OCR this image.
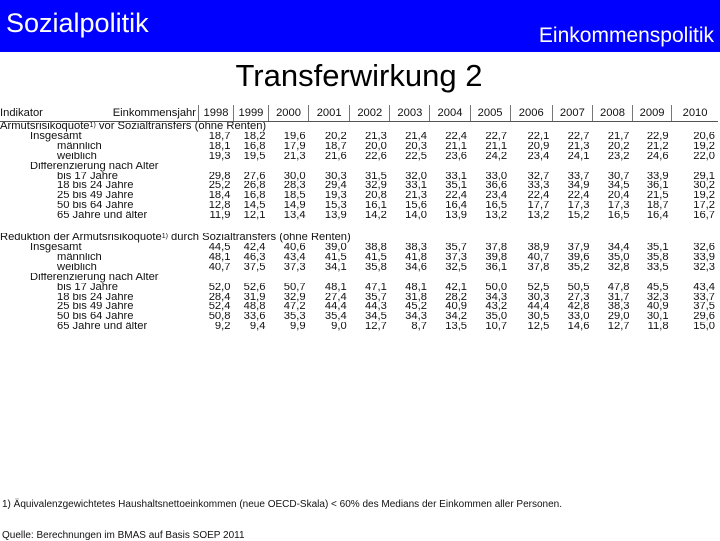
Sozialpolitik	Einkommenspolitik
Transferwirkung 2
Indikator Einkommensjahr	1998	1999	2000	2001	2002	2003	2004	2005	2006	2007	2008	2009	2010
Armutsrisikoquote$^{1)}$ vor Sozialtransfers (ohne Renten)													
Insgesamt	18,7	18,2	19,6	20,2	21,3	21,4	22,4	22,7	22,1	22,7	21,7	22,9	20,6
männlich	18,1	16,8	17,9	18,7	20,0	20,3	21,1	21,1	20,9	21,3	20,2	21,2	19,2
weiblich	19,3	19,5	21,3	21,6	22,6	22,5	23,6	24,2	23,4	24,1	23,2	24,6	22,0
Differenzierung nach Alter													
bis 17 Jahre	29,8	27,6	30,0	30,3	31,5	32,0	33,1	33,0	32,7	33,7	30,7	33,9	29,1
18 bis 24 Jahre	25,2	26,8	28,3	29,4	32,9	33,1	35,1	36,6	33,3	34,9	34,5	36,1	30,2
25 bis 49 Jahre	18,4	16,8	18,5	19,3	20,8	21,3	22,4	23,4	22,4	22,4	20,4	21,5	19,2
50 bis 64 Jahre	12,8	14,5	14,9	15,3	16,1	15,6	16,4	16,5	17,7	17,3	17,3	18,7	17,2
65 Jahre und älter	11,9	12,1	13,4	13,9	14,2	14,0	13,9	13,2	13,2	15,2	16,5	16,4	16,7

Reduktion der Armutsrisikoquote$^{1)}$ durch Sozialtransfers (ohne Renten)													
Insgesamt	44,5	42,4	40,6	39,0	38,8	38,3	35,7	37,8	38,9	37,9	34,4	35,1	32,6
männlich	48,1	46,3	43,4	41,5	41,5	41,8	37,3	39,8	40,7	39,6	35,0	35,8	33,9
weiblich	40,7	37,5	37,3	34,1	35,8	34,6	32,5	36,1	37,8	35,2	32,8	33,5	32,3
Differenzierung nach Alter													
bis 17 Jahre	52,0	52,6	50,7	48,1	47,1	48,1	42,1	50,0	52,5	50,5	47,8	45,5	43,4
18 bis 24 Jahre	28,4	31,9	32,9	27,4	35,7	31,8	28,2	34,3	30,3	27,3	31,7	32,3	33,7
25 bis 49 Jahre	52,4	48,8	47,2	44,4	44,3	45,2	40,9	43,2	44,4	42,8	38,3	40,9	37,5
50 bis 64 Jahre	50,8	33,6	35,3	35,4	34,5	34,3	34,2	35,0	30,5	33,0	29,0	30,1	29,6
65 Jahre und älter	9,2	9,4	9,9	9,0	12,7	8,7	13,5	10,7	12,5	14,6	12,7	11,8	15,0
1) Äquivalenzgewichtetes Haushaltsnettoeinkommen (neue OECD-Skala) < 60% des Medians der Einkommen aller Personen.
Quelle: Berechnungen im BMAS auf Basis SOEP 2011
